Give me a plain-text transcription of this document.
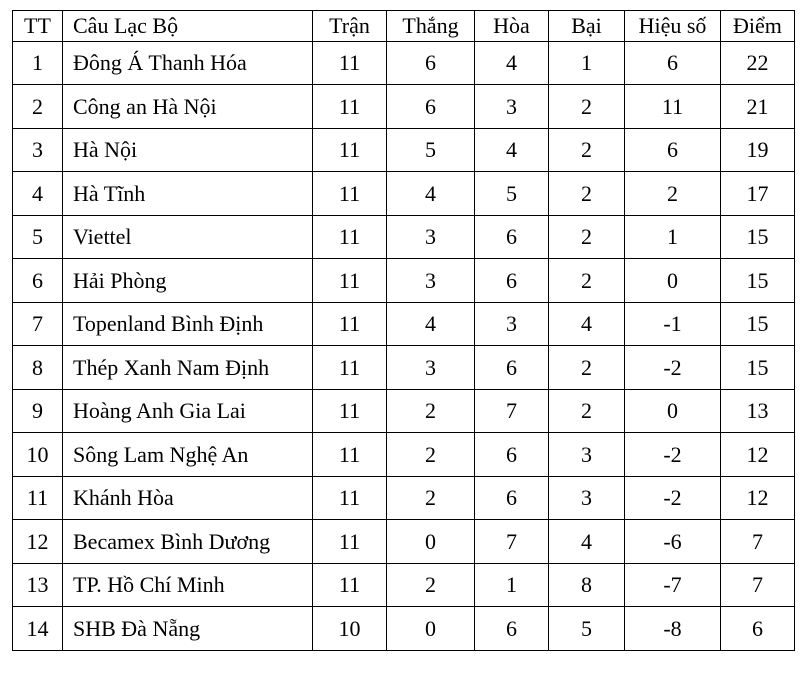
TT	Câu Lạc Bộ	Trận	Thắng	Hòa	Bại	Hiệu số	Điểm
1	Đông Á Thanh Hóa	11	6	4	1	6	22
2	Công an Hà Nội	11	6	3	2	11	21
3	Hà Nội	11	5	4	2	6	19
4	Hà Tĩnh	11	4	5	2	2	17
5	Viettel	11	3	6	2	1	15
6	Hải Phòng	11	3	6	2	0	15
7	Topenland Bình Định	11	4	3	4	-1	15
8	Thép Xanh Nam Định	11	3	6	2	-2	15
9	Hoàng Anh Gia Lai	11	2	7	2	0	13
10	Sông Lam Nghệ An	11	2	6	3	-2	12
11	Khánh Hòa	11	2	6	3	-2	12
12	Becamex Bình Dương	11	0	7	4	-6	7
13	TP. Hồ Chí Minh	11	2	1	8	-7	7
14	SHB Đà Nẵng	10	0	6	5	-8	6
